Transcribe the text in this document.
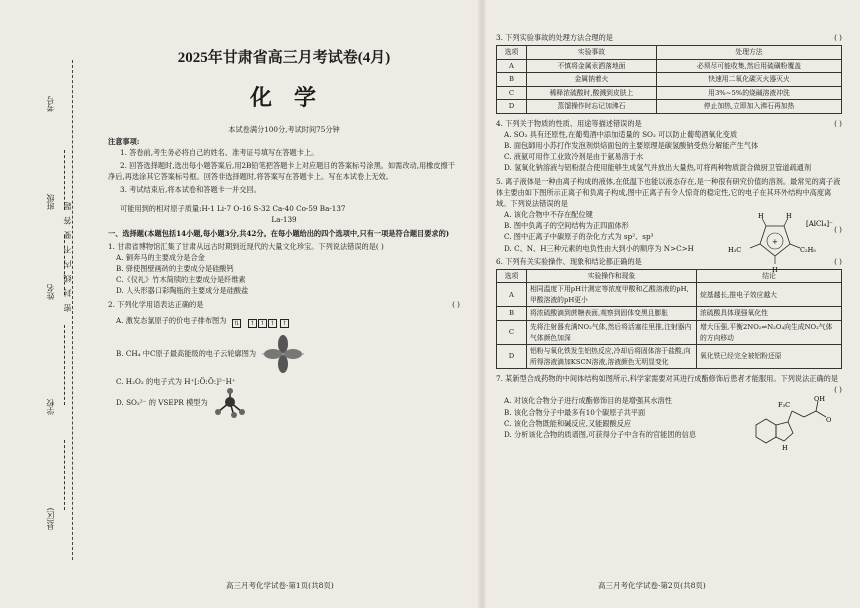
考号
班级
姓名
学校
县(区)
密 封 线 内 不 要 答 题
2025年甘肃省高三月考试卷(4月)
化学
本试卷满分100分,考试时间75分钟
注意事项:
1. 答卷前,考生务必将自己的姓名、准考证号填写在答题卡上。
2. 回答选择题时,选出每小题答案后,用2B铅笔把答题卡上对应题目的答案标号涂黑。如需改动,用橡皮擦干净后,再选涂其它答案标号框。回答非选择题时,将答案写在答题卡上。写在本试卷上无效。
3. 考试结束后,将本试卷和答题卡一并交回。
可能用到的相对原子质量:H-1 Li-7 O-16 S-32 Ca-40 Co-59 Ba-137
La-139
一、选择题(本题包括14小题,每小题3分,共42分。在每小题给出的四个选项中,只有一项是符合题目要求的)
1. 甘肃省博物馆汇集了甘肃从远古时期到近现代的大量文化珍宝。下列说法错误的是( )
A. 铜奔马的主要成分是合金
B. 驿使图壁画砖的主要成分是硅酸钙
C.《仪礼》竹木简牍的主要成分是纤维素
D. 人头形器口彩陶瓶的主要成分是硅酸盐
2. 下列化学用语表达正确的是	( )
A. 激发态氯原子的价电子排布图为	⇅ ↑ ↑ ↑ ↑
B. CH₄ 中C原子最高能级的电子云轮廓图为
C. H₂O₂ 的电子式为 H⁺[:Ö:Ö:]²⁻H⁺
D. SO₃²⁻ 的 VSEPR 模型为
高三月考化学试卷·第1页(共8页)
3. 下列实验事故的处理方法合理的是	( )
选项	实验事故	处理方法
A	不慎将金属汞洒落地面	必须尽可能收集,然后用硫磺粉覆盖
B	金属钠着火	快速用二氧化碳灭火器灭火
C	稀释浓硫酸时,酸溅到皮肤上	用3%~5%的烧碱溶液冲洗
D	蒸馏操作时忘记加沸石	停止加热,立即加入沸石再加热
4. 下列关于物质的性质、用途等描述错误的是	( )
A. SO₂ 具有还原性,在葡萄酒中添加适量的 SO₂ 可以防止葡萄酒氧化变质
B. 面包師用小苏打作发泡剂烘焙面包的主要原理是碳氢酸钠受热分解能产生气体
C. 液氨可用作工业致冷剂是由于氨易溶于水
D. 氢氧化钠溶液与铝粉混合使用能够生成氢气并放出大量热,可将两种物质混合做厨卫管道疏通剂
5. 离子液体是一种由离子构成的液体,在低温下也能以液态存在,是一种很有研究价值的溶剂。最常见的离子液体主要由如下图所示正离子和负离子构成,图中正离子有令人惊奇的稳定性,它的电子在其环外结构中高度离域。下列说法错误的是
A. 该化合物中不存在配位键
B. 图中负离子的空间结构为正四面体形
C. 图中正离子中碳原子的杂化方式为 sp²、sp³
D. C、N、H三种元素的电负性由大到小的顺序为 N>C>H
( )
H	H
H
+
H₃C	C₂H₅
[AlCl₄]⁻
6. 下列有关实验操作、现象和结论都正确的是	( )
选项	实验操作和现象	结论
A	相同温度下用pH计测定等浓度甲酸和乙酸溶液的pH,甲酸溶液的pH更小	烷基越长,推电子效应越大
B	将浓硫酸滴到蔗糖表面,观察到固体变黑且膨胀	浓硫酸具体现强氧化性
C	先将注射器充满NO₂气体,然后将活塞往里推,注射器内气体颜色加深	增大压强,平衡2NO₂⇌N₂O₄向生成NO₂气体的方向移动
D	铝粉与氧化铁发生铝热反应,冷却后将固体溶于盐酸,向所得溶液滴加KSCN溶液,溶液颜色无明显变化	氧化铁已经完全被铝粉还原
7. 某新型合成药物的中间体结构如图所示,科学家需要对其进行成酯修饰后患者才能服用。下列说法正确的是
( )
A. 对该化合物分子进行成酯修饰目的是增强其水溶性
B. 该化合物分子中最多有10个碳原子共平面
C. 该化合物既能和碱反应,又能跟酸反应
D. 分析该化合物的质谱图,可获得分子中含有的官能团的信息
F₃C
OH
O
H
高三月考化学试卷·第2页(共8页)
